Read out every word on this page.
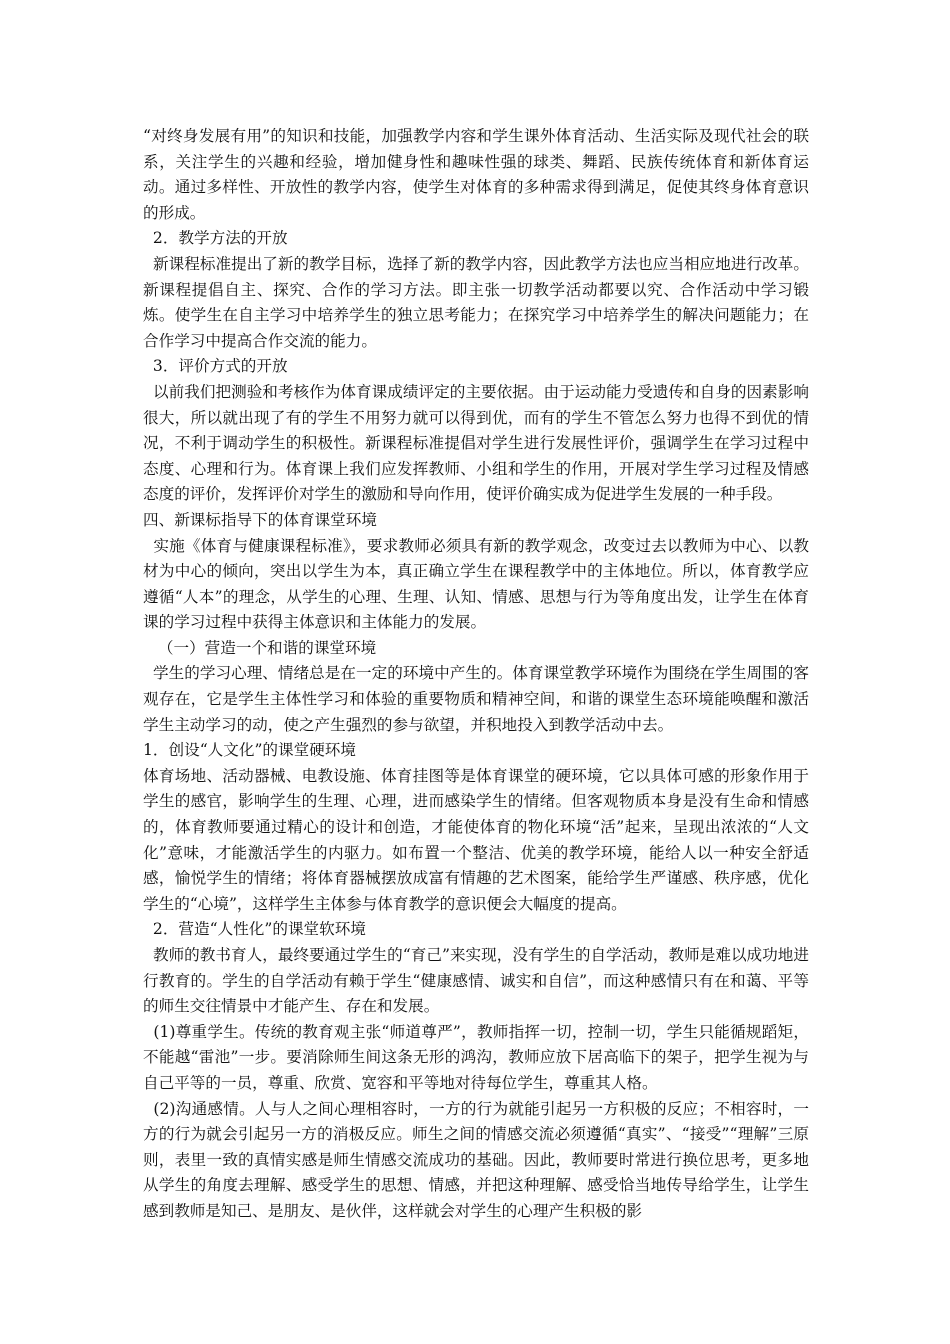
“对终身发展有用”的知识和技能，加强教学内容和学生课外体育活动、生活实际及现代社会的联系，关注学生的兴趣和经验，增加健身性和趣味性强的球类、舞蹈、民族传统体育和新体育运动。通过多样性、开放性的教学内容，使学生对体育的多种需求得到满足，促使其终身体育意识的形成。

2．教学方法的开放

新课程标准提出了新的教学目标，选择了新的教学内容，因此教学方法也应当相应地进行改革。新课程提倡自主、探究、合作的学习方法。即主张一切教学活动都要以究、合作活动中学习锻炼。使学生在自主学习中培养学生的独立思考能力；在探究学习中培养学生的解决问题能力；在合作学习中提高合作交流的能力。

3．评价方式的开放

以前我们把测验和考核作为体育课成绩评定的主要依据。由于运动能力受遗传和自身的因素影响很大，所以就出现了有的学生不用努力就可以得到优，而有的学生不管怎么努力也得不到优的情况，不利于调动学生的积极性。新课程标准提倡对学生进行发展性评价，强调学生在学习过程中态度、心理和行为。体育课上我们应发挥教师、小组和学生的作用，开展对学生学习过程及情感态度的评价，发挥评价对学生的激励和导向作用，使评价确实成为促进学生发展的一种手段。

四、新课标指导下的体育课堂环境

实施《体育与健康课程标准》，要求教师必须具有新的教学观念，改变过去以教师为中心、以教材为中心的倾向，突出以学生为本，真正确立学生在课程教学中的主体地位。所以，体育教学应遵循“人本”的理念，从学生的心理、生理、认知、情感、思想与行为等角度出发，让学生在体育课的学习过程中获得主体意识和主体能力的发展。

（一）营造一个和谐的课堂环境

学生的学习心理、情绪总是在一定的环境中产生的。体育课堂教学环境作为围绕在学生周围的客观存在，它是学生主体性学习和体验的重要物质和精神空间，和谐的课堂生态环境能唤醒和激活学生主动学习的动，使之产生强烈的参与欲望，并积地投入到教学活动中去。

1．创设“人文化”的课堂硬环境

体育场地、活动器械、电教设施、体育挂图等是体育课堂的硬环境，它以具体可感的形象作用于学生的感官，影响学生的生理、心理，进而感染学生的情绪。但客观物质本身是没有生命和情感的，体育教师要通过精心的设计和创造，才能使体育的物化环境“活”起来，呈现出浓浓的“人文化”意味，才能激活学生的内驱力。如布置一个整洁、优美的教学环境，能给人以一种安全舒适感，愉悦学生的情绪；将体育器械摆放成富有情趣的艺术图案，能给学生严谨感、秩序感，优化学生的“心境”，这样学生主体参与体育教学的意识便会大幅度的提高。

2．营造“人性化”的课堂软环境

教师的教书育人，最终要通过学生的“育己”来实现，没有学生的自学活动，教师是难以成功地进行教育的。学生的自学活动有赖于学生“健康感情、诚实和自信”，而这种感情只有在和蔼、平等的师生交往情景中才能产生、存在和发展。

(1)尊重学生。传统的教育观主张“师道尊严”，教师指挥一切，控制一切，学生只能循规蹈矩，不能越“雷池”一步。要消除师生间这条无形的鸿沟，教师应放下居高临下的架子，把学生视为与自己平等的一员，尊重、欣赏、宽容和平等地对待每位学生，尊重其人格。

(2)沟通感情。人与人之间心理相容时，一方的行为就能引起另一方积极的反应；不相容时，一方的行为就会引起另一方的消极反应。师生之间的情感交流必须遵循“真实”、“接受”“理解”三原则，表里一致的真情实感是师生情感交流成功的基础。因此，教师要时常进行换位思考，更多地从学生的角度去理解、感受学生的思想、情感，并把这种理解、感受恰当地传导给学生，让学生感到教师是知己、是朋友、是伙伴，这样就会对学生的心理产生积极的影
